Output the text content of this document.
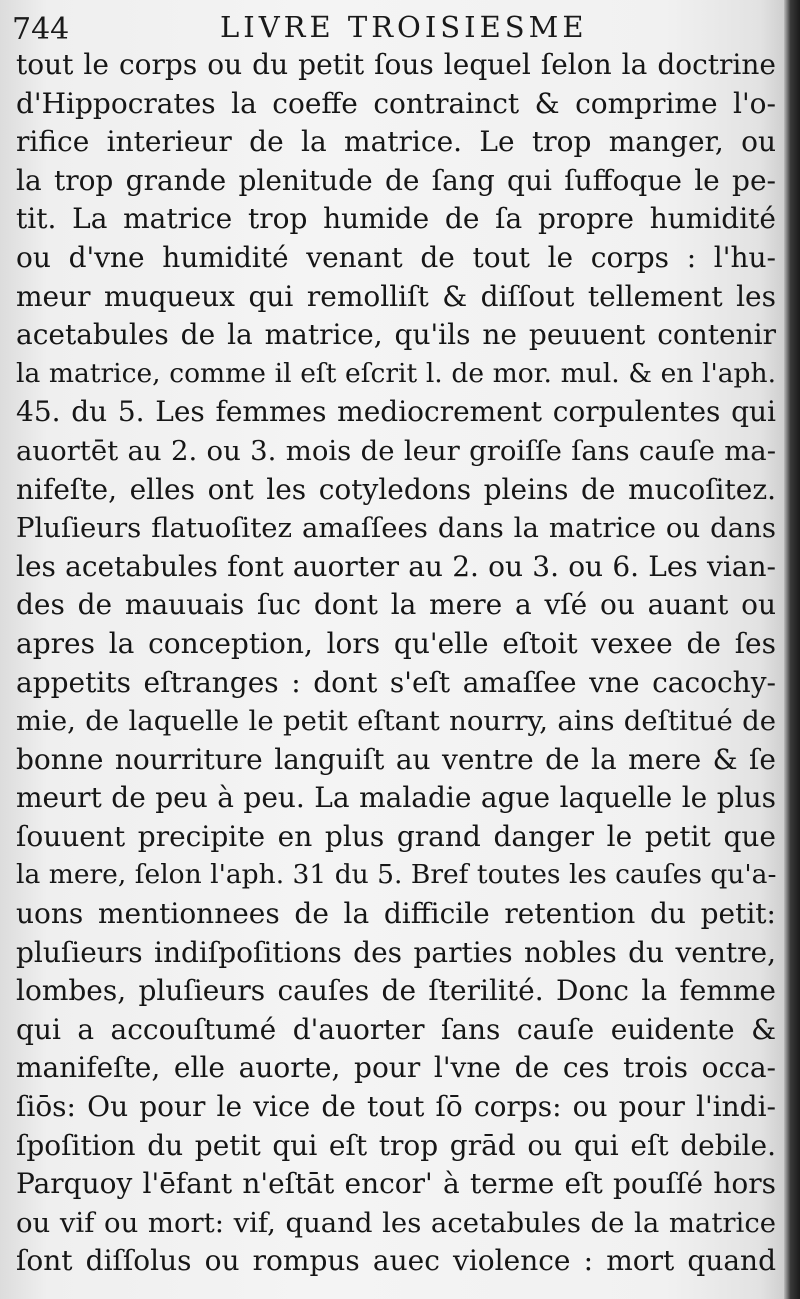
744	LIVRE TROISIESME
tout le corps ou du petit ſous lequel ſelon la doctrine
d'Hippocrates la coeffe contrainct & comprime l'o-
rifice interieur de la matrice. Le trop manger, ou
la trop grande plenitude de ſang qui ſuffoque le pe-
tit. La matrice trop humide de ſa propre humidité
ou d'vne humidité venant de tout le corps : l'hu-
meur muqueux qui remolliſt & diſſout tellement les
acetabules de la matrice, qu'ils ne peuuent contenir
la matrice, comme il eſt eſcrit l. de mor. mul. & en l'aph.
45. du 5. Les femmes mediocrement corpulentes qui
auortēt au 2. ou 3. mois de leur groiſſe ſans cauſe ma-
nifeſte, elles ont les cotyledons pleins de mucoſitez.
Pluſieurs flatuoſitez amaſſees dans la matrice ou dans
les acetabules font auorter au 2. ou 3. ou 6. Les vian-
des de mauuais ſuc dont la mere a vſé ou auant ou
apres la conception, lors qu'elle eſtoit vexee de ſes
appetits eſtranges : dont s'eſt amaſſee vne cacochy-
mie, de laquelle le petit eſtant nourry, ains deſtitué de
bonne nourriture languiſt au ventre de la mere & ſe
meurt de peu à peu. La maladie ague laquelle le plus
ſouuent precipite en plus grand danger le petit que
la mere, ſelon l'aph. 31 du 5. Bref toutes les cauſes qu'a-
uons mentionnees de la difficile retention du petit:
pluſieurs indiſpoſitions des parties nobles du ventre,
lombes, pluſieurs cauſes de ſterilité. Donc la femme
qui a accouſtumé d'auorter ſans cauſe euidente &
manifeſte, elle auorte, pour l'vne de ces trois occa-
ſiōs: Ou pour le vice de tout ſō corps: ou pour l'indi-
ſpoſition du petit qui eſt trop grād ou qui eſt debile.
Parquoy l'ēfant n'eſtāt encor' à terme eſt pouſſé hors
ou vif ou mort: vif, quand les acetabules de la matrice
ſont diſſolus ou rompus auec violence : mort quand
